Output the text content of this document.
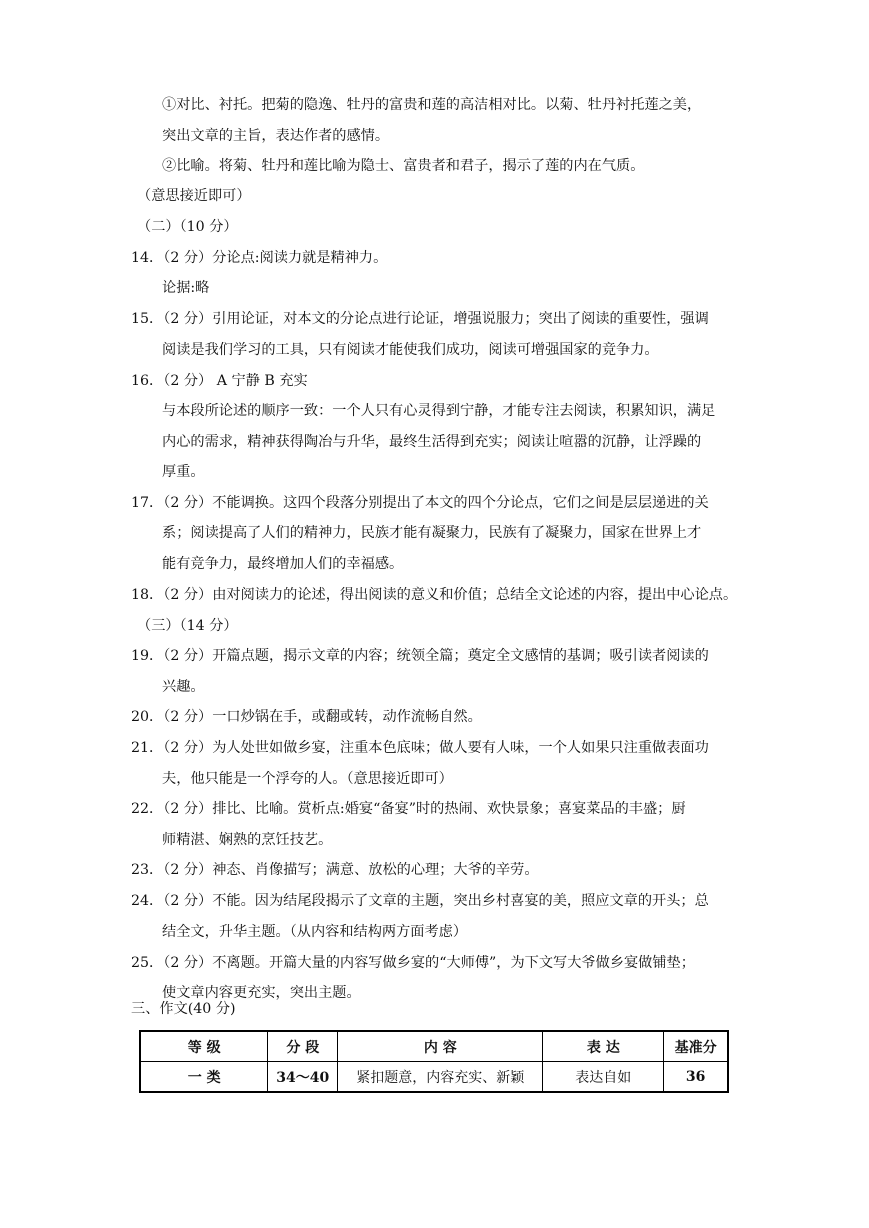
①对比、衬托。把菊的隐逸、牡丹的富贵和莲的高洁相对比。以菊、牡丹衬托莲之美，
突出文章的主旨，表达作者的感情。
②比喻。将菊、牡丹和莲比喻为隐士、富贵者和君子，揭示了莲的内在气质。
（意思接近即可）
（二）（10 分）
14．（2 分）分论点:阅读力就是精神力。
论据:略
15．（2 分）引用论证，对本文的分论点进行论证，增强说服力；突出了阅读的重要性，强调
阅读是我们学习的工具，只有阅读才能使我们成功，阅读可增强国家的竞争力。
16．（2 分） A 宁静 B 充实
与本段所论述的顺序一致：一个人只有心灵得到宁静，才能专注去阅读，积累知识，满足
内心的需求，精神获得陶冶与升华，最终生活得到充实；阅读让喧嚣的沉静，让浮躁的
厚重。
17．（2 分）不能调换。这四个段落分别提出了本文的四个分论点，它们之间是层层递进的关
系；阅读提高了人们的精神力，民族才能有凝聚力，民族有了凝聚力，国家在世界上才
能有竞争力，最终增加人们的幸福感。
18．（2 分）由对阅读力的论述，得出阅读的意义和价值；总结全文论述的内容，提出中心论点。
（三）（14 分）
19．（2 分）开篇点题，揭示文章的内容；统领全篇；奠定全文感情的基调；吸引读者阅读的
兴趣。
20．（2 分）一口炒锅在手，或翻或转，动作流畅自然。
21．（2 分）为人处世如做乡宴，注重本色底味；做人要有人味，一个人如果只注重做表面功
夫，他只能是一个浮夸的人。（意思接近即可）
22．（2 分）排比、比喻。赏析点:婚宴“备宴”时的热闹、欢快景象；喜宴菜品的丰盛；厨
师精湛、娴熟的烹饪技艺。
23．（2 分）神态、肖像描写；满意、放松的心理；大爷的辛劳。
24．（2 分）不能。因为结尾段揭示了文章的主题，突出乡村喜宴的美，照应文章的开头；总
结全文，升华主题。（从内容和结构两方面考虑）
25．（2 分）不离题。开篇大量的内容写做乡宴的“大师傅”，为下文写大爷做乡宴做铺垫；
使文章内容更充实，突出主题。
三、作文(40 分)
等 级	分 段	内 容	表 达	基准分
一 类	34～40	紧扣题意，内容充实、新颖	表达自如	36
